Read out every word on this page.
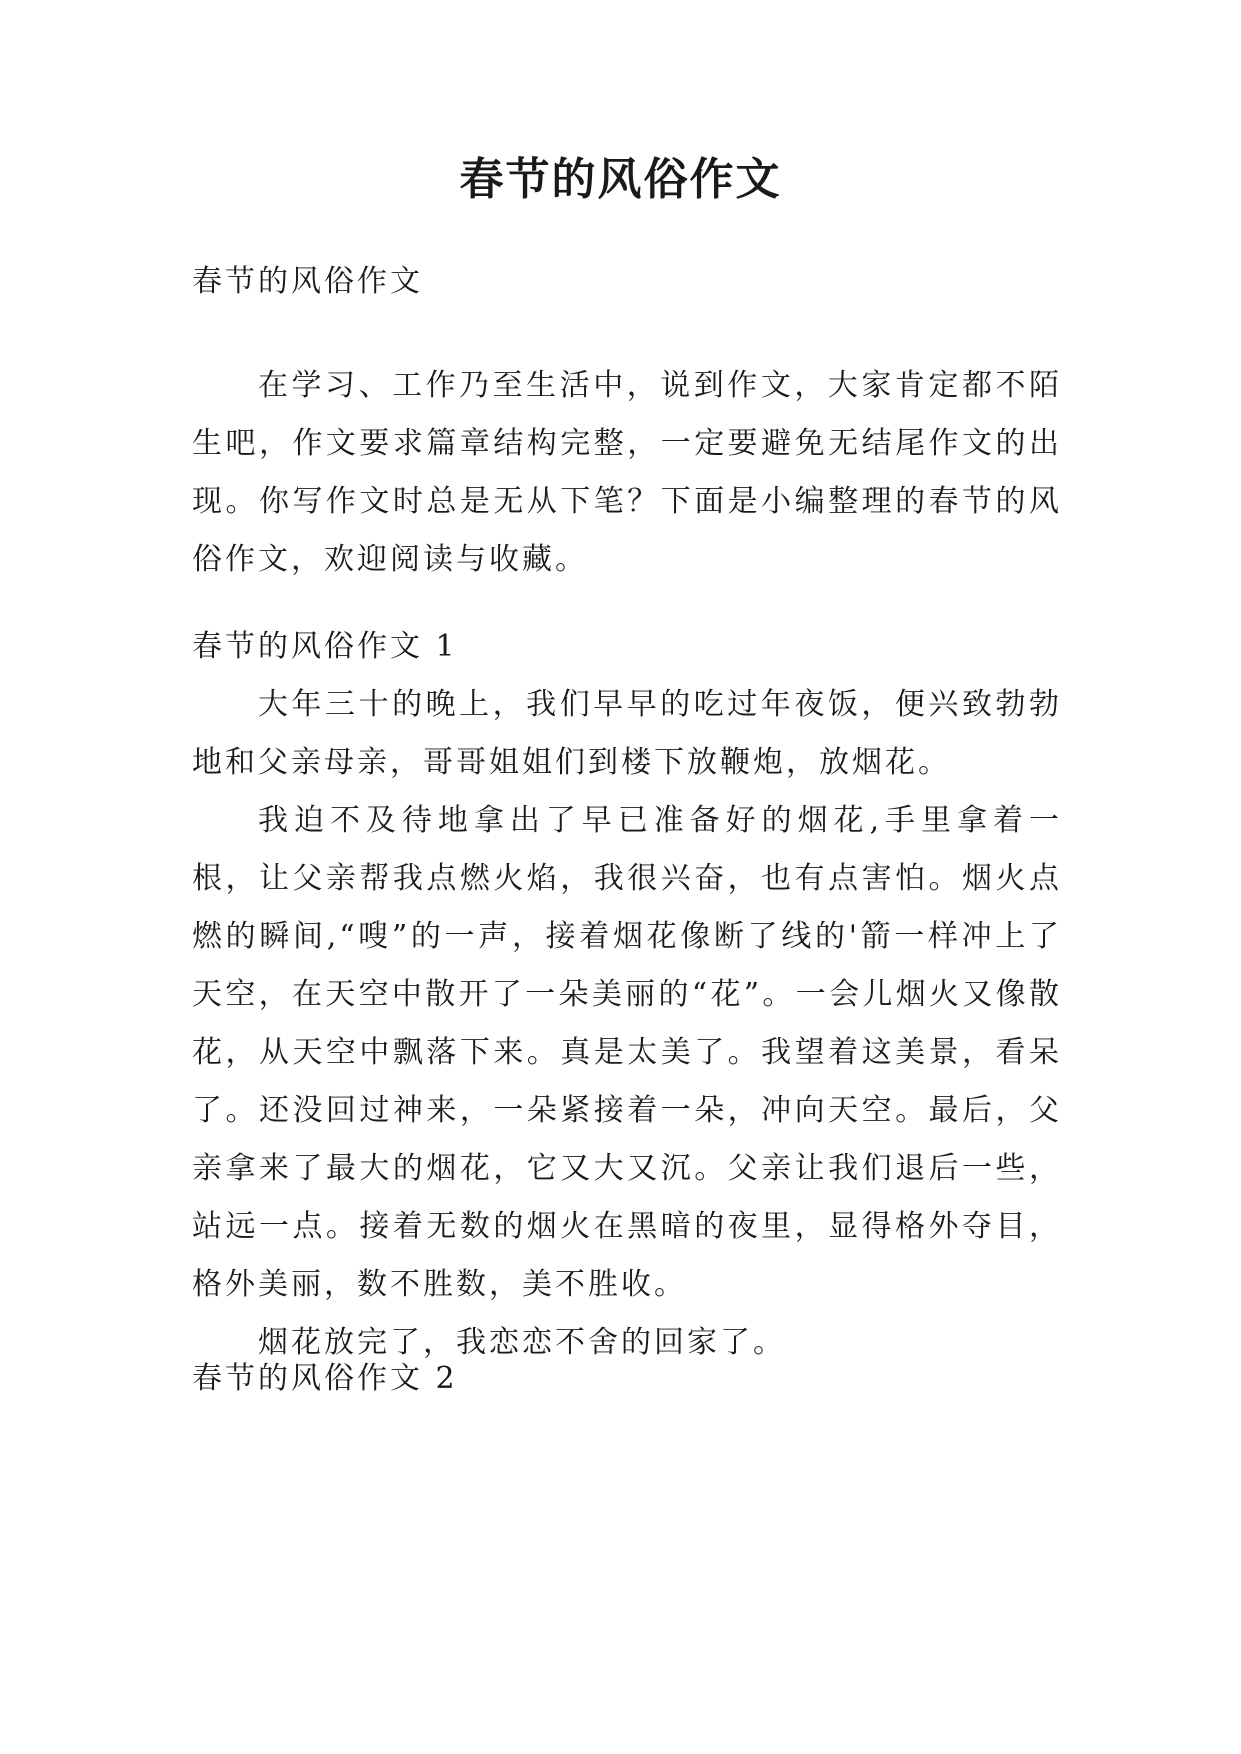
春节的风俗作文
春节的风俗作文

在学习、工作乃至生活中，说到作文，大家肯定都不陌生吧，作文要求篇章结构完整，一定要避免无结尾作文的出现。你写作文时总是无从下笔？下面是小编整理的春节的风俗作文，欢迎阅读与收藏。

春节的风俗作文 1

大年三十的晚上，我们早早的吃过年夜饭，便兴致勃勃地和父亲母亲，哥哥姐姐们到楼下放鞭炮，放烟花。

我迫不及待地拿出了早已准备好的烟花,手里拿着一根，让父亲帮我点燃火焰，我很兴奋，也有点害怕。烟火点燃的瞬间,“嗖”的一声，接着烟花像断了线的'箭一样冲上了天空，在天空中散开了一朵美丽的“花”。一会儿烟火又像散花，从天空中飘落下来。真是太美了。我望着这美景，看呆了。还没回过神来，一朵紧接着一朵，冲向天空。最后，父亲拿来了最大的烟花，它又大又沉。父亲让我们退后一些，站远一点。接着无数的烟火在黑暗的夜里，显得格外夺目，格外美丽，数不胜数，美不胜收。

烟花放完了，我恋恋不舍的回家了。

春节的风俗作文 2
